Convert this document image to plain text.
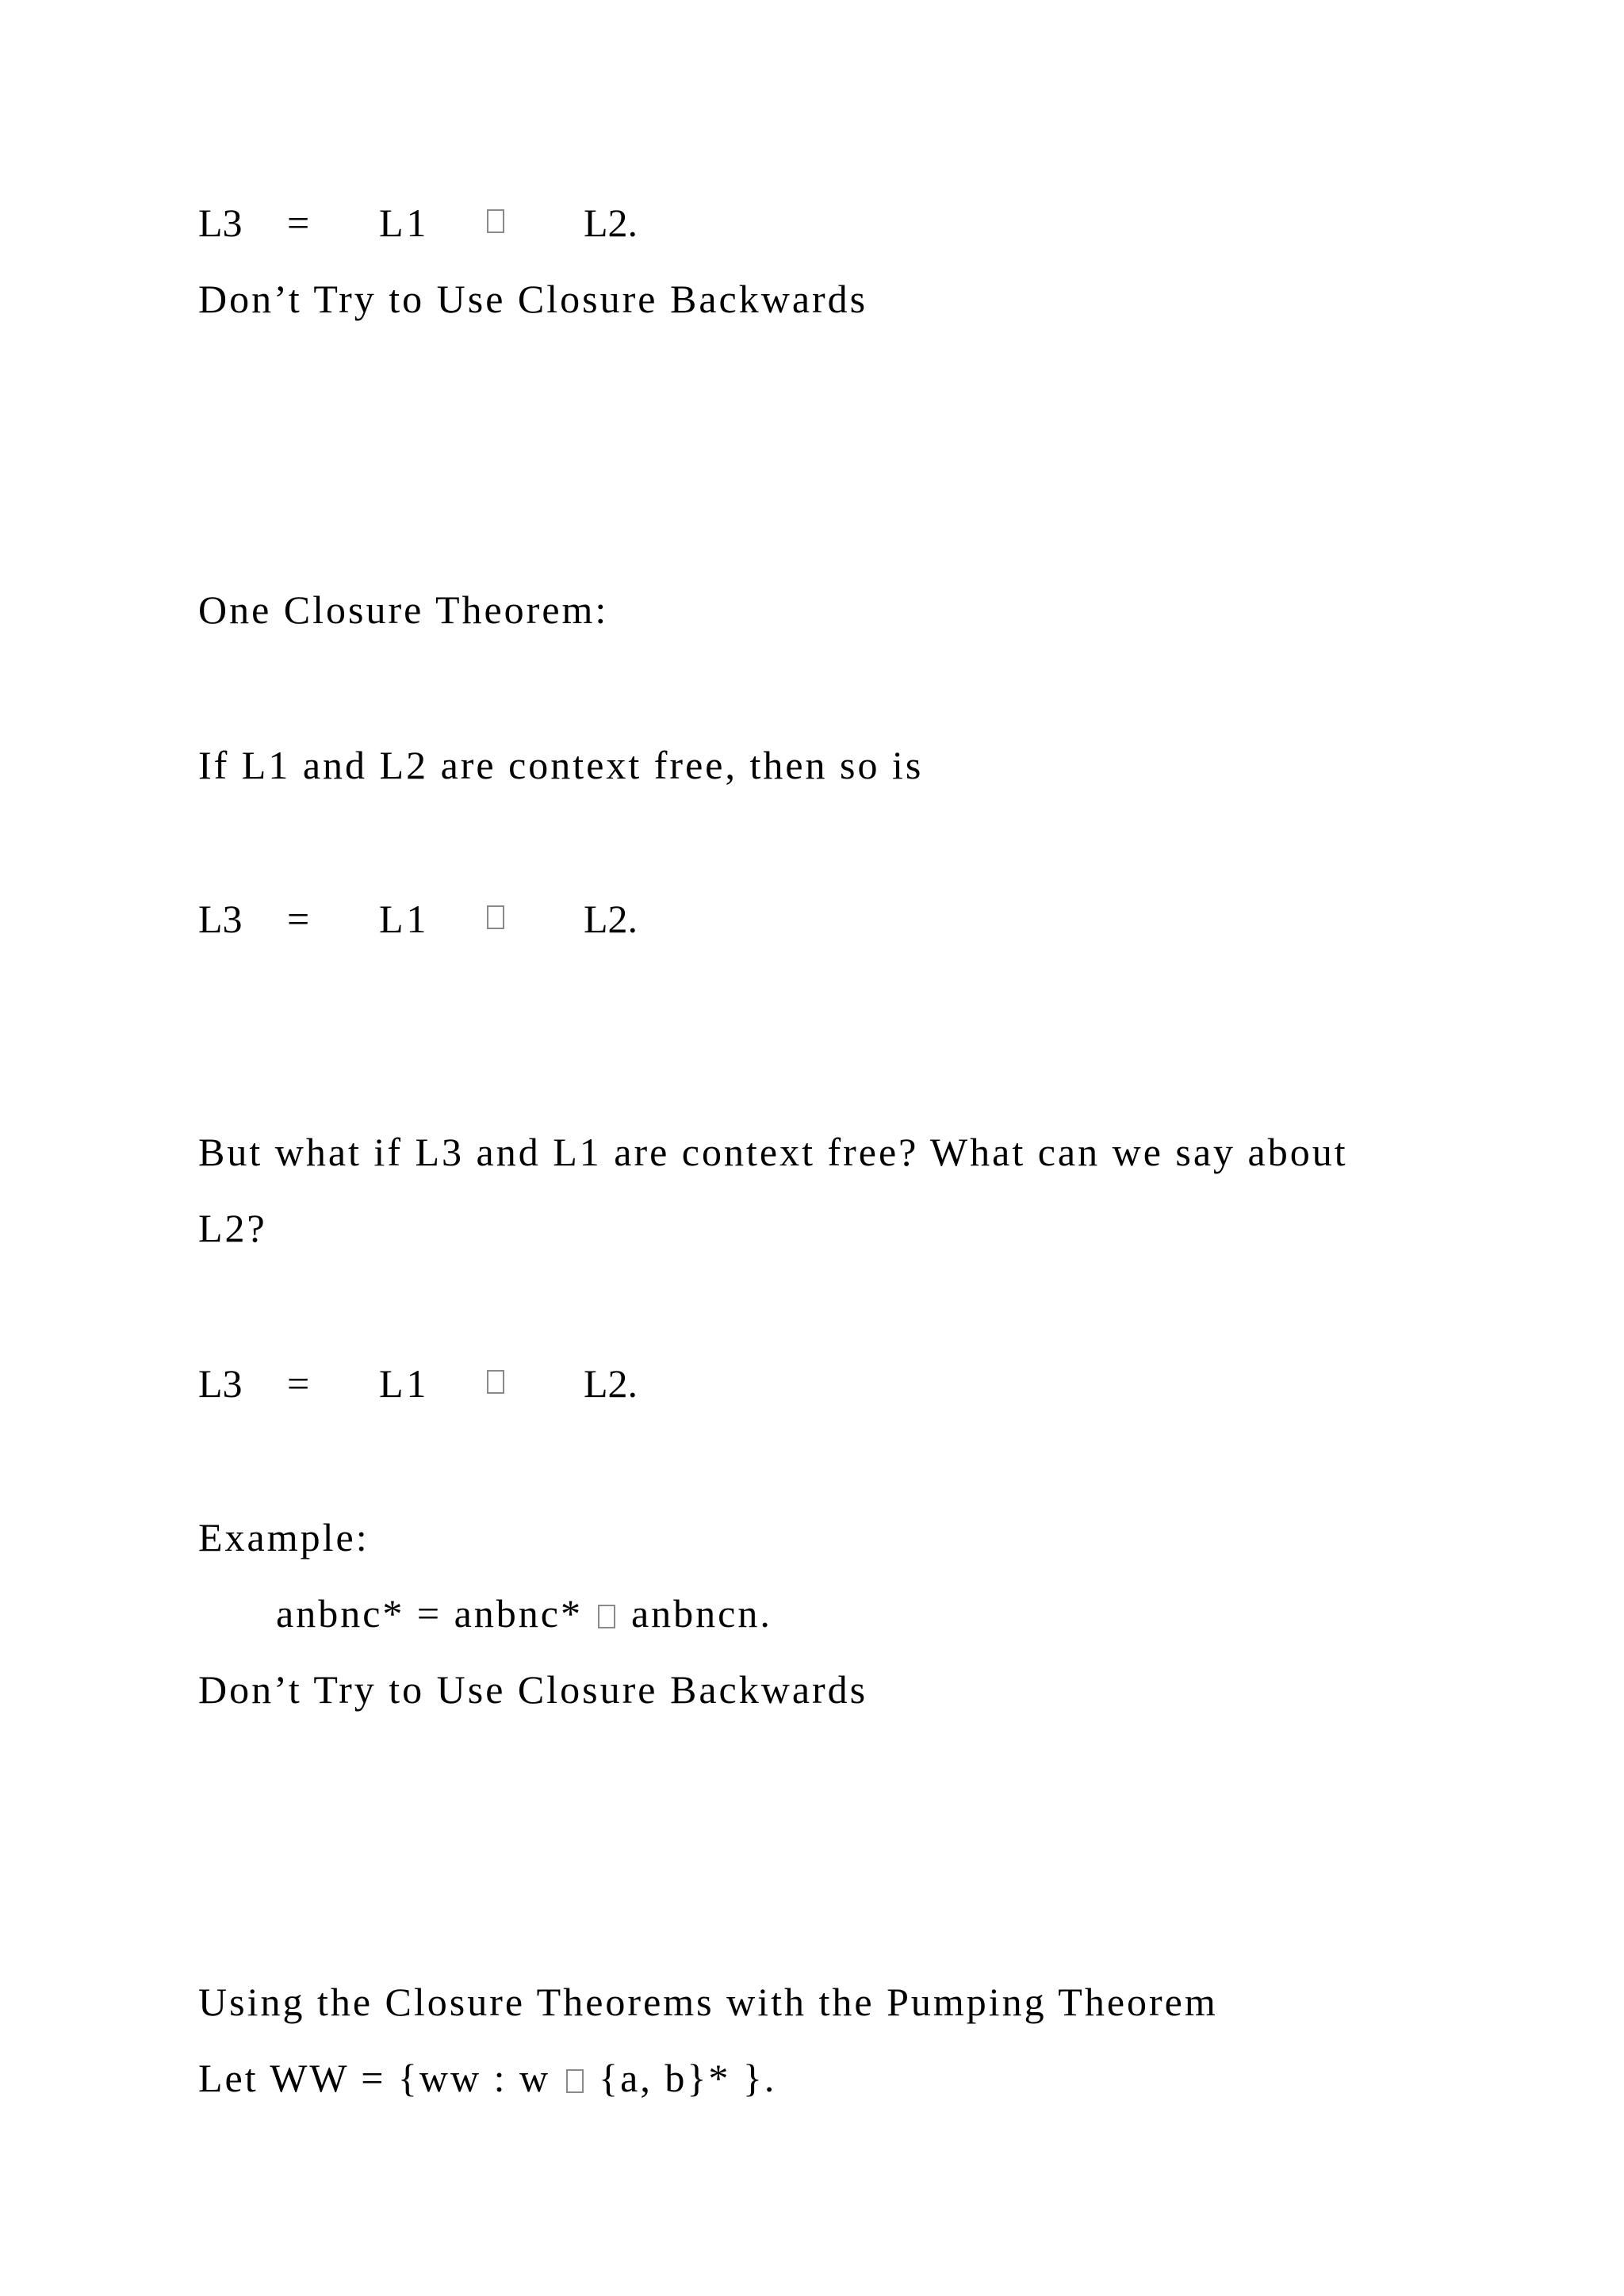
L3 = L1	L2.
Don’t Try to Use Closure Backwards
One Closure Theorem:
If L1 and L2 are context free, then so is
L3 = L1	L2.
But what if L3 and L1 are context free? What can we say about
L2?
L3 = L1	L2.
Example:
anbnc* = anbnc* anbncn.
Don’t Try to Use Closure Backwards
Using the Closure Theorems with the Pumping Theorem
Let WW = {ww : w {a, b}* }.
